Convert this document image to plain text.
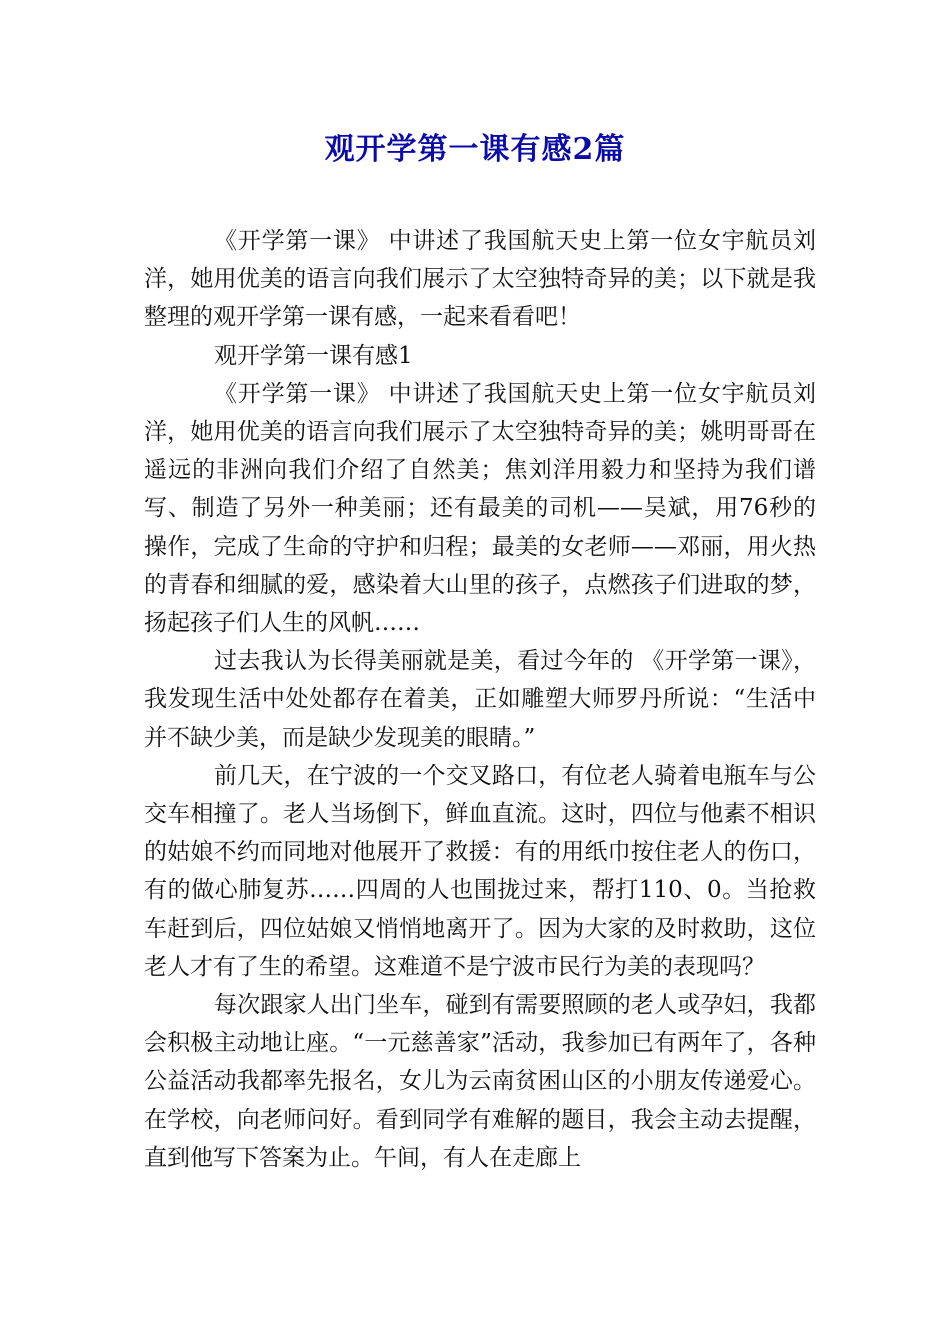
观开学第一课有感2篇

《开学第一课》 中讲述了我国航天史上第一位女宇航员刘洋，她用优美的语言向我们展示了太空独特奇异的美；以下就是我整理的观开学第一课有感，一起来看看吧！

观开学第一课有感1

《开学第一课》 中讲述了我国航天史上第一位女宇航员刘洋，她用优美的语言向我们展示了太空独特奇异的美；姚明哥哥在遥远的非洲向我们介绍了自然美；焦刘洋用毅力和坚持为我们谱写、制造了另外一种美丽；还有最美的司机——吴斌，用76秒的操作，完成了生命的守护和归程；最美的女老师——邓丽，用火热的青春和细腻的爱，感染着大山里的孩子，点燃孩子们进取的梦，扬起孩子们人生的风帆……

过去我认为长得美丽就是美，看过今年的 《开学第一课》，我发现生活中处处都存在着美，正如雕塑大师罗丹所说：“生活中并不缺少美，而是缺少发现美的眼睛。”

前几天，在宁波的一个交叉路口，有位老人骑着电瓶车与公交车相撞了。老人当场倒下，鲜血直流。这时，四位与他素不相识的姑娘不约而同地对他展开了救援：有的用纸巾按住老人的伤口，有的做心肺复苏……四周的人也围拢过来，帮打110、0。当抢救车赶到后，四位姑娘又悄悄地离开了。因为大家的及时救助，这位老人才有了生的希望。这难道不是宁波市民行为美的表现吗？

每次跟家人出门坐车，碰到有需要照顾的老人或孕妇，我都会积极主动地让座。“一元慈善家”活动，我参加已有两年了，各种公益活动我都率先报名，女儿为云南贫困山区的小朋友传递爱心。在学校，向老师问好。看到同学有难解的题目，我会主动去提醒，直到他写下答案为止。午间，有人在走廊上
